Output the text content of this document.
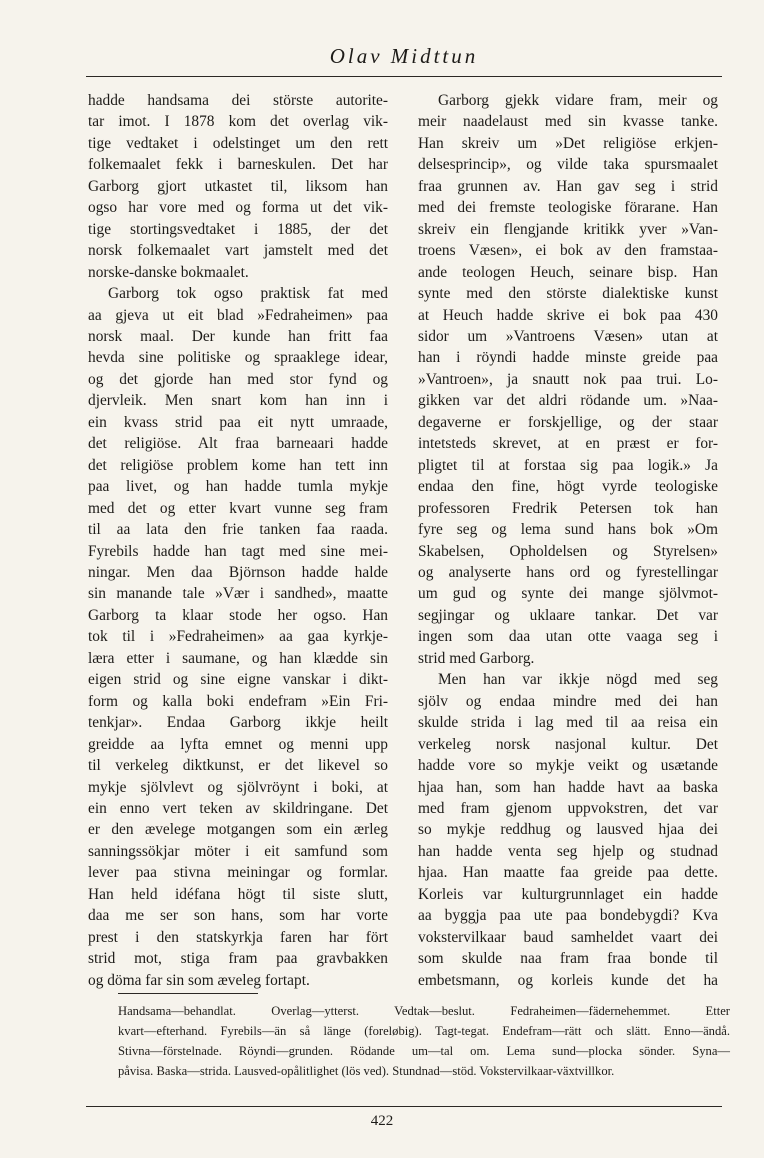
Olav Midttun

hadde handsama dei störste autorite-
tar imot. I 1878 kom det overlag vik-
tige vedtaket i odelstinget um den rett
folkemaalet fekk i barneskulen. Det har
Garborg gjort utkastet til, liksom han
ogso har vore med og forma ut det vik-
tige stortingsvedtaket i 1885, der det
norsk folkemaalet vart jamstelt med det
norske-danske bokmaalet.

Garborg tok ogso praktisk fat med
aa gjeva ut eit blad »Fedraheimen» paa
norsk maal. Der kunde han fritt faa
hevda sine politiske og spraaklege idear,
og det gjorde han med stor fynd og
djervleik. Men snart kom han inn i
ein kvass strid paa eit nytt umraade,
det religiöse. Alt fraa barneaari hadde
det religiöse problem kome han tett inn
paa livet, og han hadde tumla mykje
med det og etter kvart vunne seg fram
til aa lata den frie tanken faa raada.
Fyrebils hadde han tagt med sine mei-
ningar. Men daa Björnson hadde halde
sin manande tale »Vær i sandhed», maatte
Garborg ta klaar stode her ogso. Han
tok til i »Fedraheimen» aa gaa kyrkje-
læra etter i saumane, og han klædde sin
eigen strid og sine eigne vanskar i dikt-
form og kalla boki endefram »Ein Fri-
tenkjar». Endaa Garborg ikkje heilt
greidde aa lyfta emnet og menni upp
til verkeleg diktkunst, er det likevel so
mykje sjölvlevt og sjölvröynt i boki, at
ein enno vert teken av skildringane. Det
er den ævelege motgangen som ein ærleg
sanningssökjar möter i eit samfund som
lever paa stivna meiningar og formlar.
Han held idéfana högt til siste slutt,
daa me ser son hans, som har vorte
prest i den statskyrkja faren har fört
strid mot, stiga fram paa gravbakken
og döma far sin som æveleg fortapt.

Garborg gjekk vidare fram, meir og
meir naadelaust med sin kvasse tanke.
Han skreiv um »Det religiöse erkjen-
delsesprincip», og vilde taka spursmaalet
fraa grunnen av. Han gav seg i strid
med dei fremste teologiske förarane. Han
skreiv ein flengjande kritikk yver »Van-
troens Væsen», ei bok av den framstaa-
ande teologen Heuch, seinare bisp. Han
synte med den störste dialektiske kunst
at Heuch hadde skrive ei bok paa 430
sidor um »Vantroens Væsen» utan at
han i röyndi hadde minste greide paa
»Vantroen», ja snautt nok paa trui. Lo-
gikken var det aldri rödande um. »Naa-
degaverne er forskjellige, og der staar
intetsteds skrevet, at en præst er for-
pligtet til at forstaa sig paa logik.» Ja
endaa den fine, högt vyrde teologiske
professoren Fredrik Petersen tok han
fyre seg og lema sund hans bok »Om
Skabelsen, Opholdelsen og Styrelsen»
og analyserte hans ord og fyrestellingar
um gud og synte dei mange sjölvmot-
segjingar og uklaare tankar. Det var
ingen som daa utan otte vaaga seg i
strid med Garborg.

Men han var ikkje nögd med seg
sjölv og endaa mindre med dei han
skulde strida i lag med til aa reisa ein
verkeleg norsk nasjonal kultur. Det
hadde vore so mykje veikt og usætande
hjaa han, som han hadde havt aa baska
med fram gjenom uppvokstren, det var
so mykje reddhug og lausved hjaa dei
han hadde venta seg hjelp og studnad
hjaa. Han maatte faa greide paa dette.
Korleis var kulturgrunnlaget ein hadde
aa byggja paa ute paa bondebygdi? Kva
vokstervilkaar baud samheldet vaart dei
som skulde naa fram fraa bonde til
embetsmann, og korleis kunde det ha

Handsama—behandlat. Overlag—ytterst. Vedtak—beslut. Fedraheimen—fädernehemmet. Etter
kvart—efterhand. Fyrebils—än så länge (foreløbig). Tagt-tegat. Endefram—rätt och slätt. Enno—ändå.
Stivna—förstelnade. Röyndi—grunden. Rödande um—tal om. Lema sund—plocka sönder. Syna—
påvisa. Baska—strida. Lausved-opålitlighet (lös ved). Stundnad—stöd. Vokstervilkaar-växtvillkor.
422
